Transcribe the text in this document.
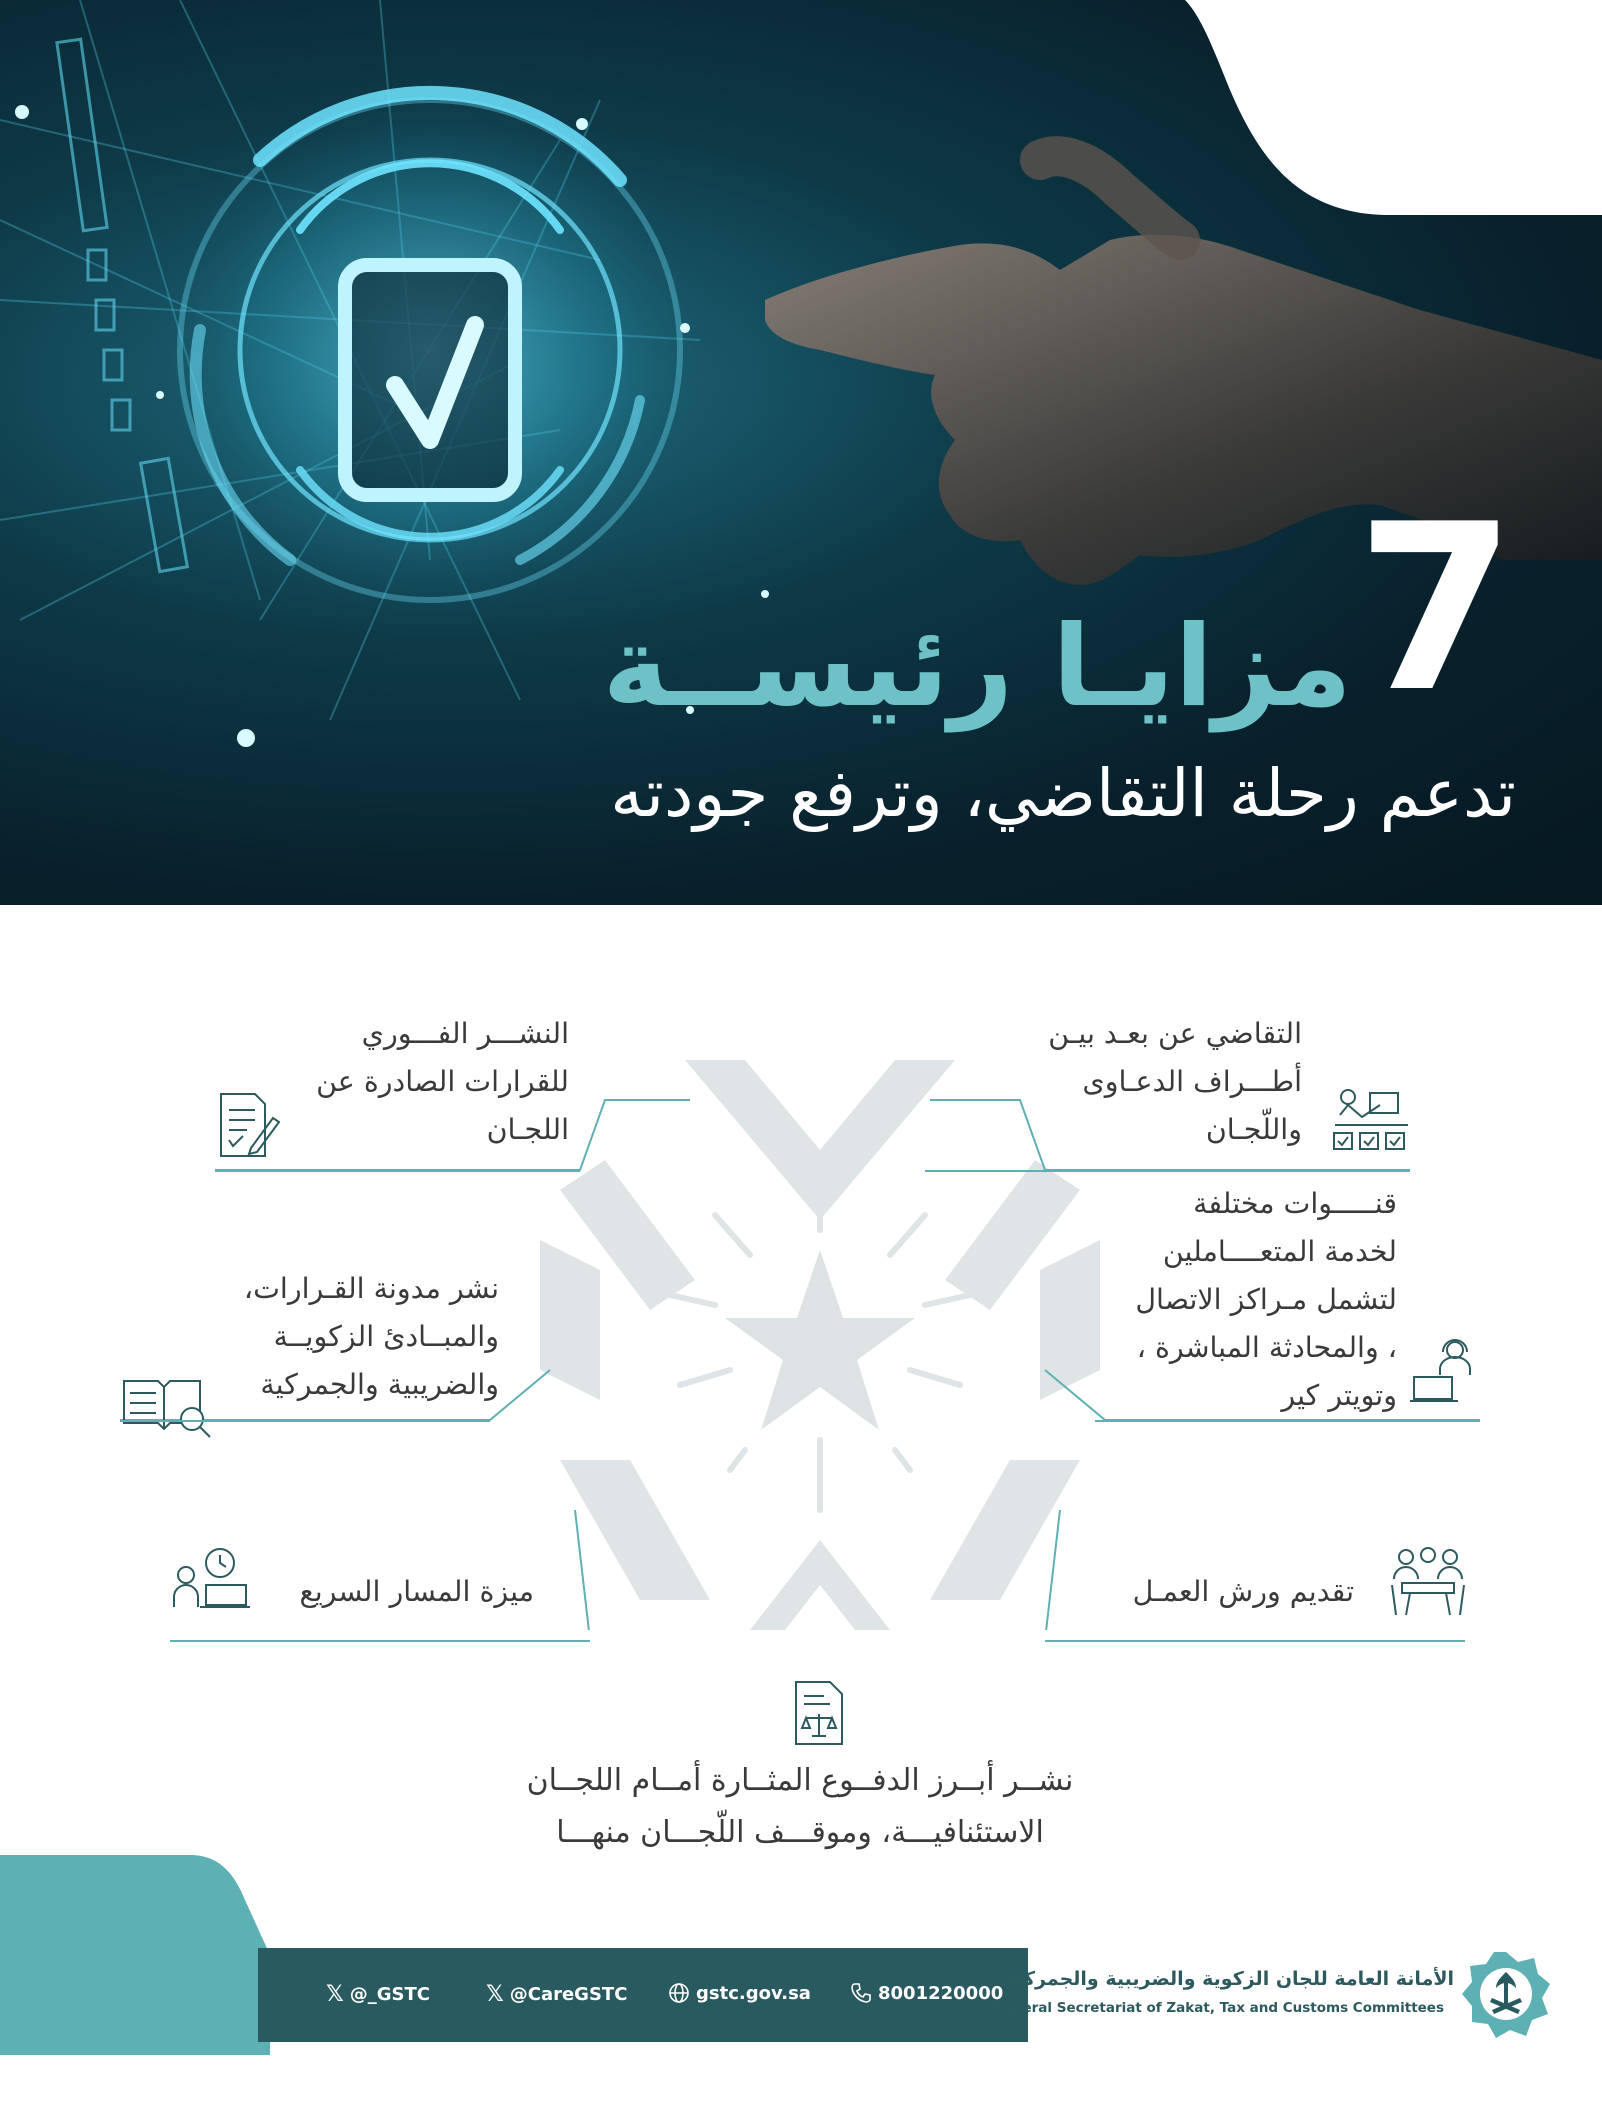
7
مزايـا رئيســة
تدعم رحلة التقاضي، وترفع جودته
التقاضي عن بعـد بيـن
أطـــراف الدعـاوى
واللّجـان
قنـــــوات مختلفة
لخدمة المتعــــاملين
لتشمل مـراكز الاتصال
، والمحادثة المباشرة ،
وتويتر كير
تقديم ورش العمـل
النشـــر الفـــوري
للقرارات الصادرة عن
اللجـان
نشر مدونة القـرارات،
والمبــادئ الزكويــة
والضريبية والجمركية
ميزة المسار السريع
نشــر أبــرز الدفــوع المثــارة أمــام اللجــان
الاستئنافيـــة، وموقـــف اللّجـــان منهـــا
𝕏 @_GSTC	𝕏 @CareGSTC	gstc.gov.sa	8001220000
الأمانة العامة للجان الزكوية والضريبية والجمركية
General Secretariat of Zakat, Tax and Customs Committees
